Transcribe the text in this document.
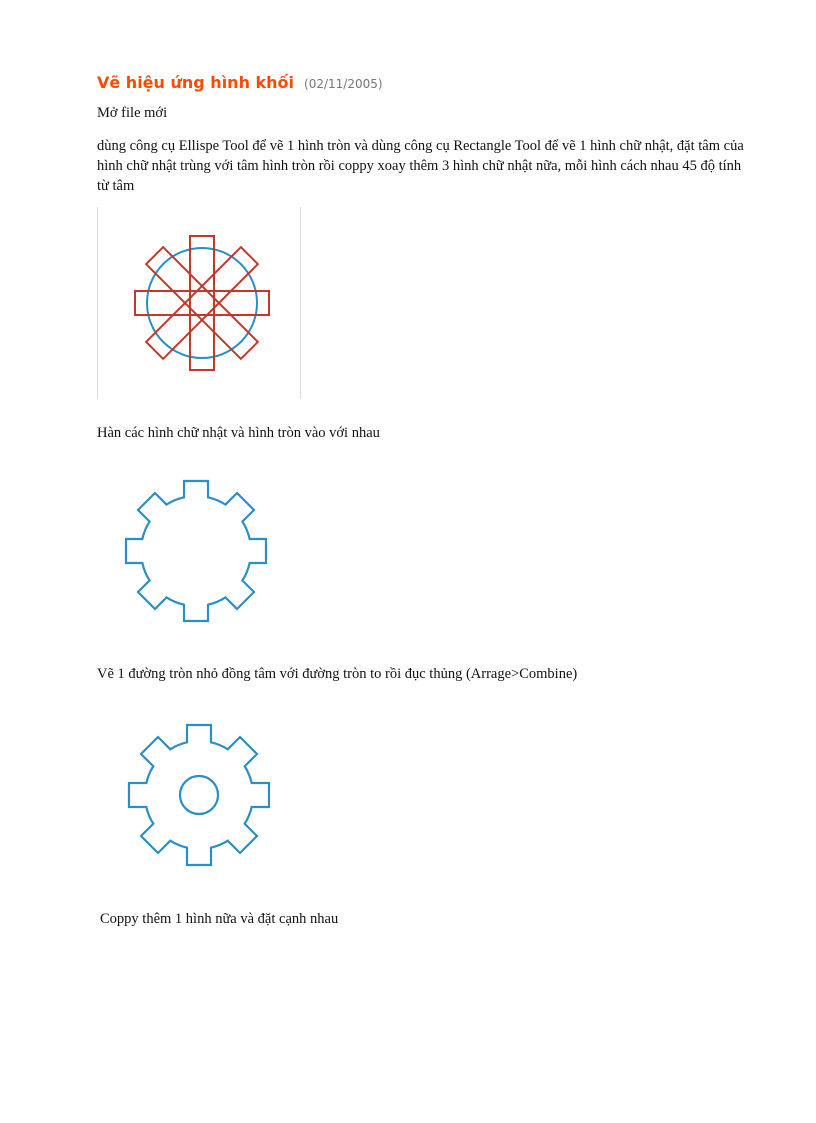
Vẽ hiệu ứng hình khối (02/11/2005)

Mở file mới

dùng công cụ Ellispe Tool để vẽ 1 hình tròn và dùng công cụ Rectangle Tool để vẽ 1 hình chữ nhật, đặt tâm của hình chữ nhật trùng với tâm hình tròn rồi coppy xoay thêm 3 hình chữ nhật nữa, mỗi hình cách nhau 45 độ tính từ tâm

Hàn các hình chữ nhật và hình tròn vào với nhau

Vẽ 1 đường tròn nhỏ đồng tâm với đường tròn to rồi đục thủng (Arrage>Combine)

Coppy thêm 1 hình nữa và đặt cạnh nhau
